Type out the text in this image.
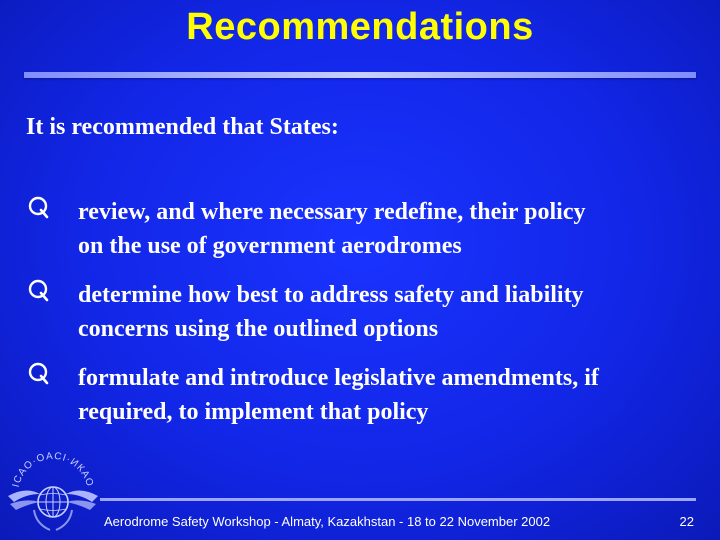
Recommendations
It is recommended that States:
review, and where necessary redefine, their policy
on the use of government aerodromes
determine how best to address safety and liability
concerns using the outlined options
formulate and introduce legislative amendments, if
required, to implement that policy
ICAO·OACI·ИКАО
Aerodrome Safety Workshop - Almaty, Kazakhstan - 18 to 22 November 2002	22
